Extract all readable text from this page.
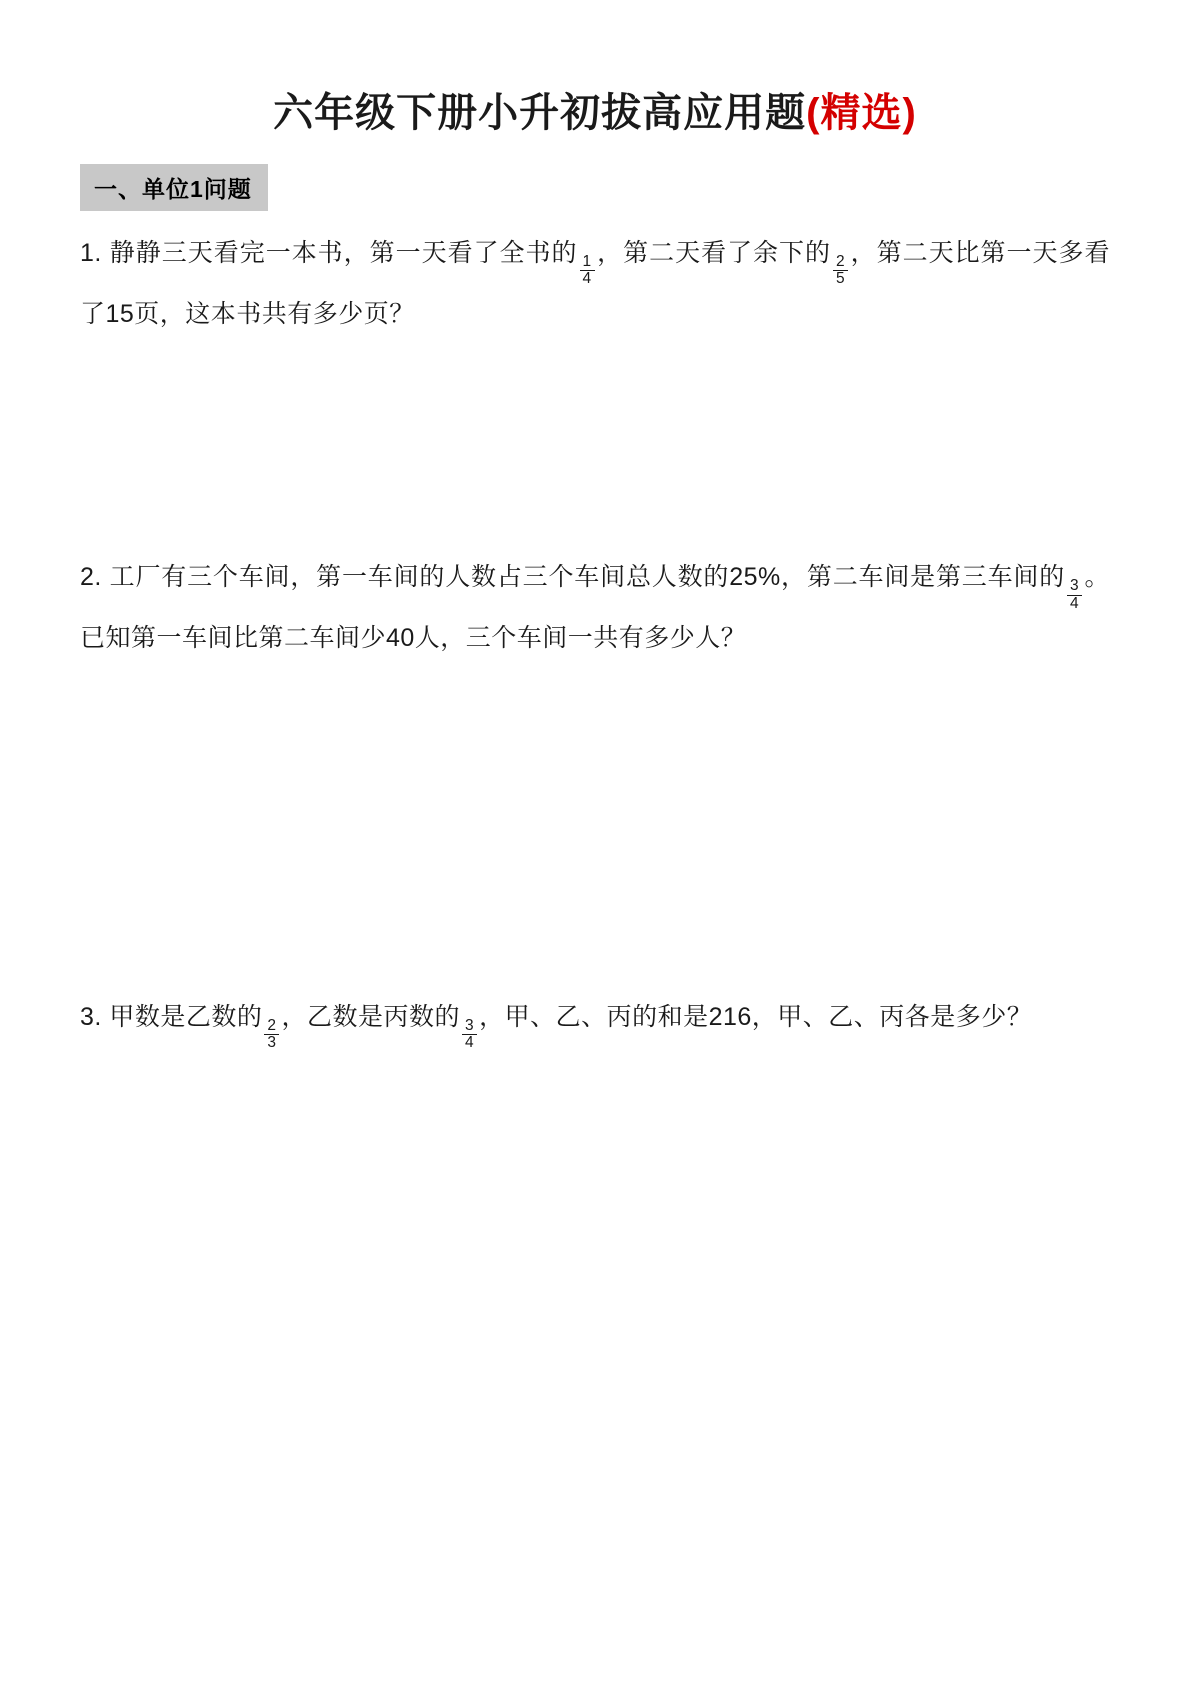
六年级下册小升初拔高应用题(精选)
一、单位1问题

1. 静静三天看完一本书，第一天看了全书的
$\frac{1}{4}$
，第二天看了余下的
$\frac{2}{5}$
，第二天比第一天多看了15页，这本书共有多少页？

2. 工厂有三个车间，第一车间的人数占三个车间总人数的25%，第二车间是第三车间的
$\frac{3}{4}$
。已知第一车间比第二车间少40人，三个车间一共有多少人？

3. 甲数是乙数的
$\frac{2}{3}$
，乙数是丙数的
$\frac{3}{4}$
，甲、乙、丙的和是216，甲、乙、丙各是多少？
